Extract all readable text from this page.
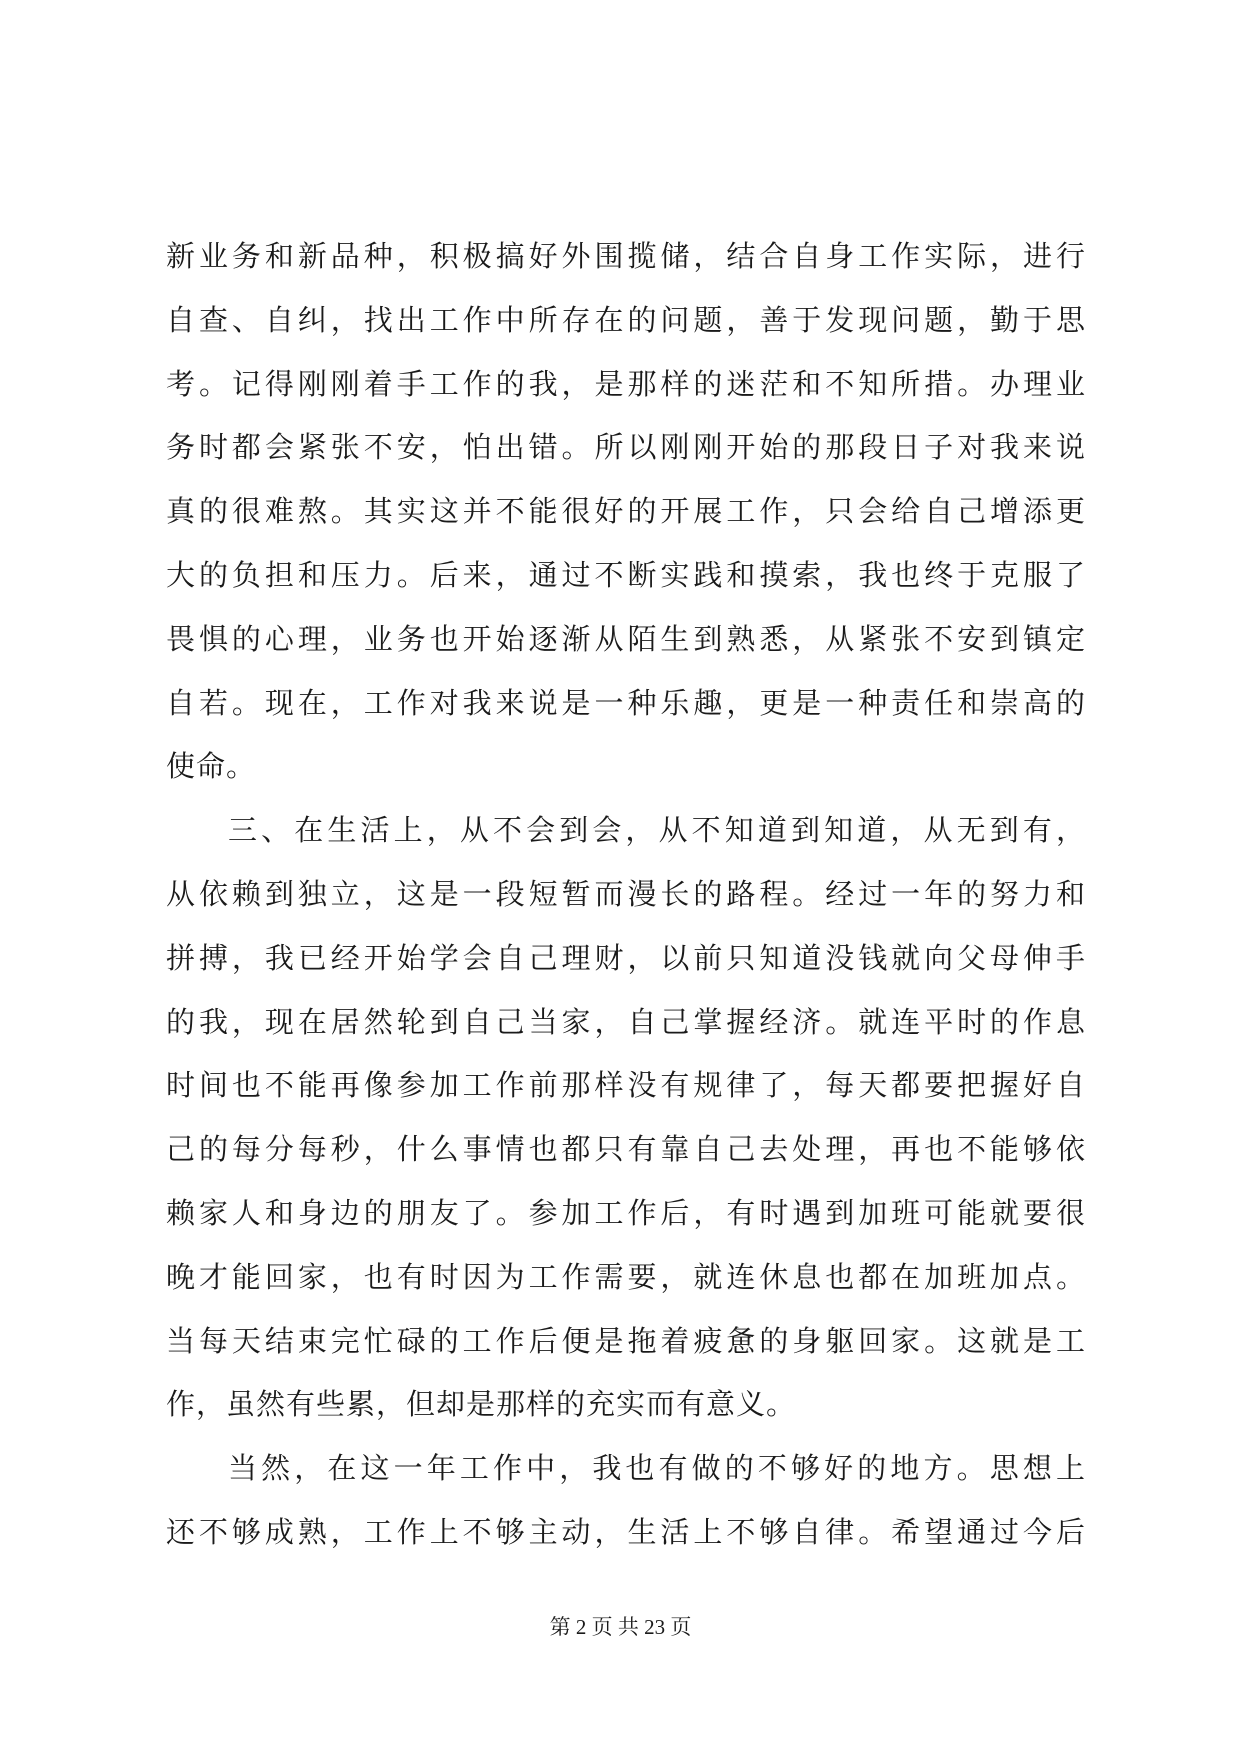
新业务和新品种，积极搞好外围揽储，结合自身工作实际，进行
自查、自纠，找出工作中所存在的问题，善于发现问题，勤于思
考。记得刚刚着手工作的我，是那样的迷茫和不知所措。办理业
务时都会紧张不安，怕出错。所以刚刚开始的那段日子对我来说
真的很难熬。其实这并不能很好的开展工作，只会给自己增添更
大的负担和压力。后来，通过不断实践和摸索，我也终于克服了
畏惧的心理，业务也开始逐渐从陌生到熟悉，从紧张不安到镇定
自若。现在，工作对我来说是一种乐趣，更是一种责任和崇高的
使命。
三、在生活上，从不会到会，从不知道到知道，从无到有，
从依赖到独立，这是一段短暂而漫长的路程。经过一年的努力和
拼搏，我已经开始学会自己理财，以前只知道没钱就向父母伸手
的我，现在居然轮到自己当家，自己掌握经济。就连平时的作息
时间也不能再像参加工作前那样没有规律了，每天都要把握好自
己的每分每秒，什么事情也都只有靠自己去处理，再也不能够依
赖家人和身边的朋友了。参加工作后，有时遇到加班可能就要很
晚才能回家，也有时因为工作需要，就连休息也都在加班加点。
当每天结束完忙碌的工作后便是拖着疲惫的身躯回家。这就是工
作，虽然有些累，但却是那样的充实而有意义。
当然，在这一年工作中，我也有做的不够好的地方。思想上
还不够成熟，工作上不够主动，生活上不够自律。希望通过今后
第 2 页 共 23 页
